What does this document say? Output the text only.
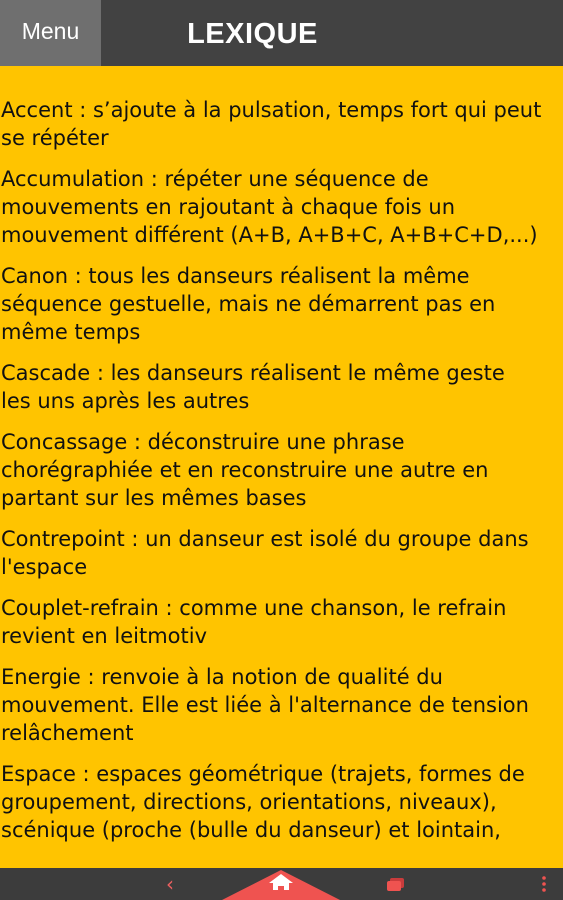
Menu	LEXIQUE
Accent : s’ajoute à la pulsation, temps fort qui peut
se répéter
Accumulation : répéter une séquence de
mouvements en rajoutant à chaque fois un
mouvement différent (A+B, A+B+C, A+B+C+D,...)
Canon : tous les danseurs réalisent la même
séquence gestuelle, mais ne démarrent pas en
même temps
Cascade : les danseurs réalisent le même geste
les uns après les autres
Concassage : déconstruire une phrase
chorégraphiée et en reconstruire une autre en
partant sur les mêmes bases
Contrepoint : un danseur est isolé du groupe dans
l'espace
Couplet-refrain : comme une chanson, le refrain
revient en leitmotiv
Energie : renvoie à la notion de qualité du
mouvement. Elle est liée à l'alternance de tension
relâchement
Espace : espaces géométrique (trajets, formes de
groupement, directions, orientations, niveaux),
scénique (proche (bulle du danseur) et lointain,
‹
